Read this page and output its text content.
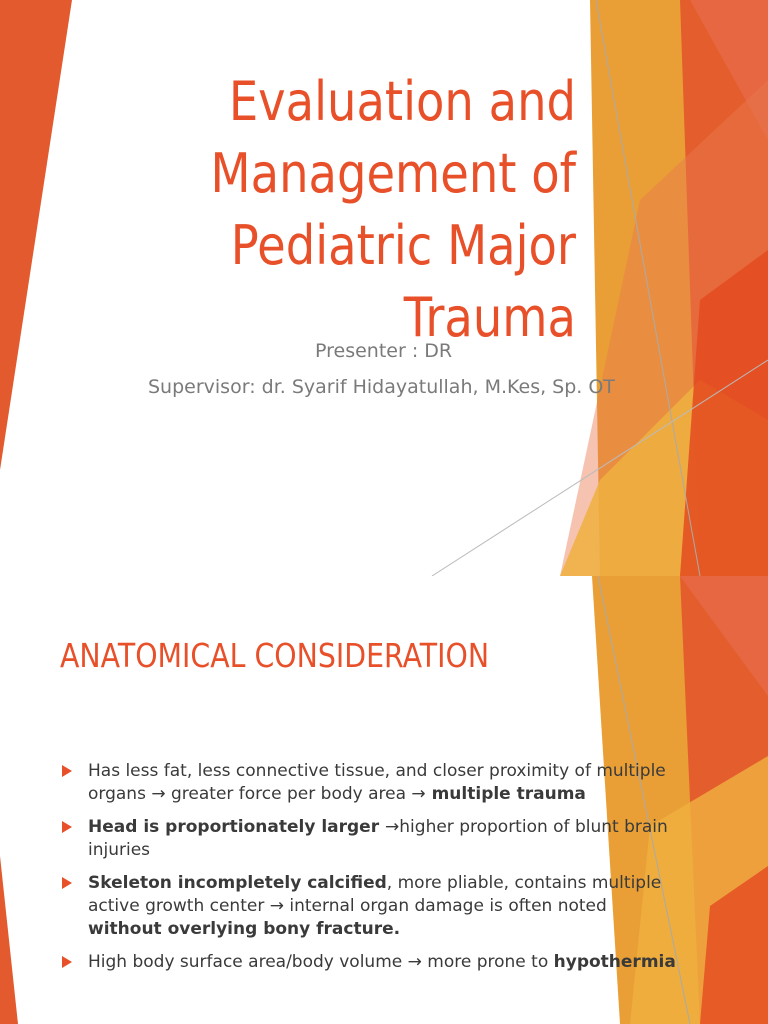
Evaluation and
Management of
Pediatric Major
Trauma
Presenter : DR
Supervisor: dr. Syarif Hidayatullah, M.Kes, Sp. OT
ANATOMICAL CONSIDERATION
Has less fat, less connective tissue, and closer proximity of multiple organs → greater force per body area → multiple trauma
Head is proportionately larger →higher proportion of blunt brain injuries
Skeleton incompletely calcified, more pliable, contains multiple active growth center → internal organ damage is often noted without overlying bony fracture.
High body surface area/body volume → more prone to hypothermia
